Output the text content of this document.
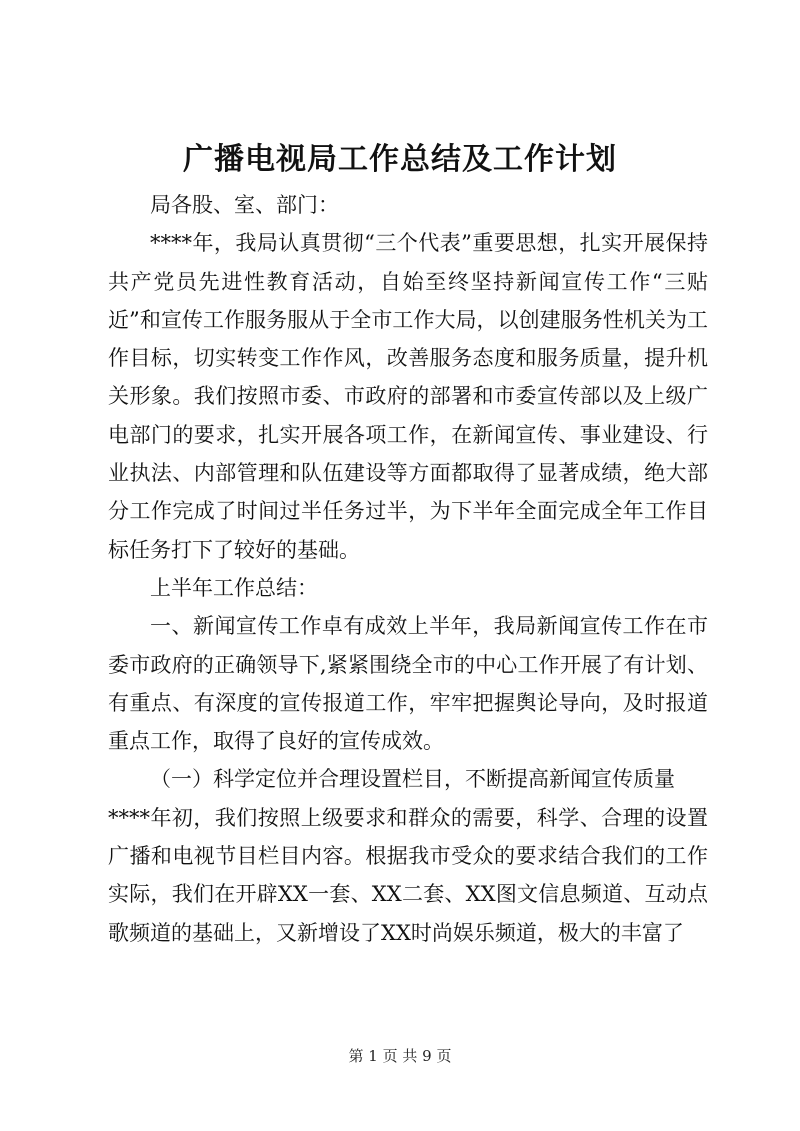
广播电视局工作总结及工作计划

局各股、室、部门：

****年，我局认真贯彻“三个代表”重要思想，扎实开展保持共产党员先进性教育活动，自始至终坚持新闻宣传工作“三贴近”和宣传工作服务服从于全市工作大局，以创建服务性机关为工作目标，切实转变工作作风，改善服务态度和服务质量，提升机关形象。我们按照市委、市政府的部署和市委宣传部以及上级广电部门的要求，扎实开展各项工作，在新闻宣传、事业建设、行业执法、内部管理和队伍建设等方面都取得了显著成绩，绝大部分工作完成了时间过半任务过半，为下半年全面完成全年工作目标任务打下了较好的基础。

上半年工作总结：

一、新闻宣传工作卓有成效上半年，我局新闻宣传工作在市委市政府的正确领导下,紧紧围绕全市的中心工作开展了有计划、有重点、有深度的宣传报道工作，牢牢把握舆论导向，及时报道重点工作，取得了良好的宣传成效。

（一）科学定位并合理设置栏目，不断提高新闻宣传质量

****年初，我们按照上级要求和群众的需要，科学、合理的设置广播和电视节目栏目内容。根据我市受众的要求结合我们的工作实际，我们在开辟XX一套、XX二套、XX图文信息频道、互动点歌频道的基础上，又新增设了XX时尚娱乐频道，极大的丰富了

第 1 页 共 9 页
